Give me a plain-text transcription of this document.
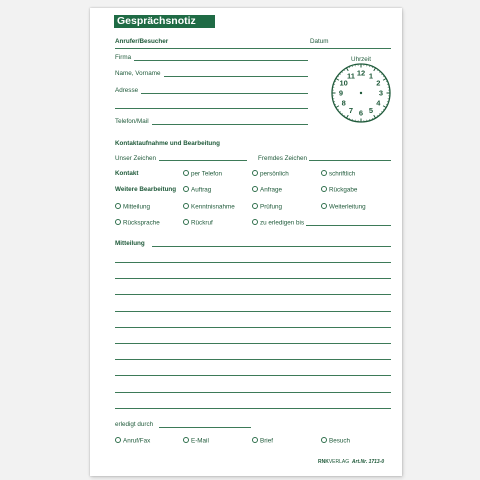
Gesprächsnotiz
Anrufer/Besucher	Datum
Firma
Name, Vorname
Adresse
Telefon/Mail
Uhrzeit
12 1
2
3
4
5
6
7
8
9
10
11
Kontaktaufnahme und Bearbeitung
Unser Zeichen	Fremdes Zeichen
Kontakt	per Telefon	persönlich	schriftlich
Weitere Bearbeitung	Auftrag	Anfrage	Rückgabe
Mitteilung	Kenntnisnahme	Prüfung	Weiterleitung
Rücksprache	Rückruf	zu erledigen bis
Mitteilung
erledigt durch
Anruf/Fax	E-Mail	Brief	Besuch
RNKVERLAG Art.Nr. 1713-0
